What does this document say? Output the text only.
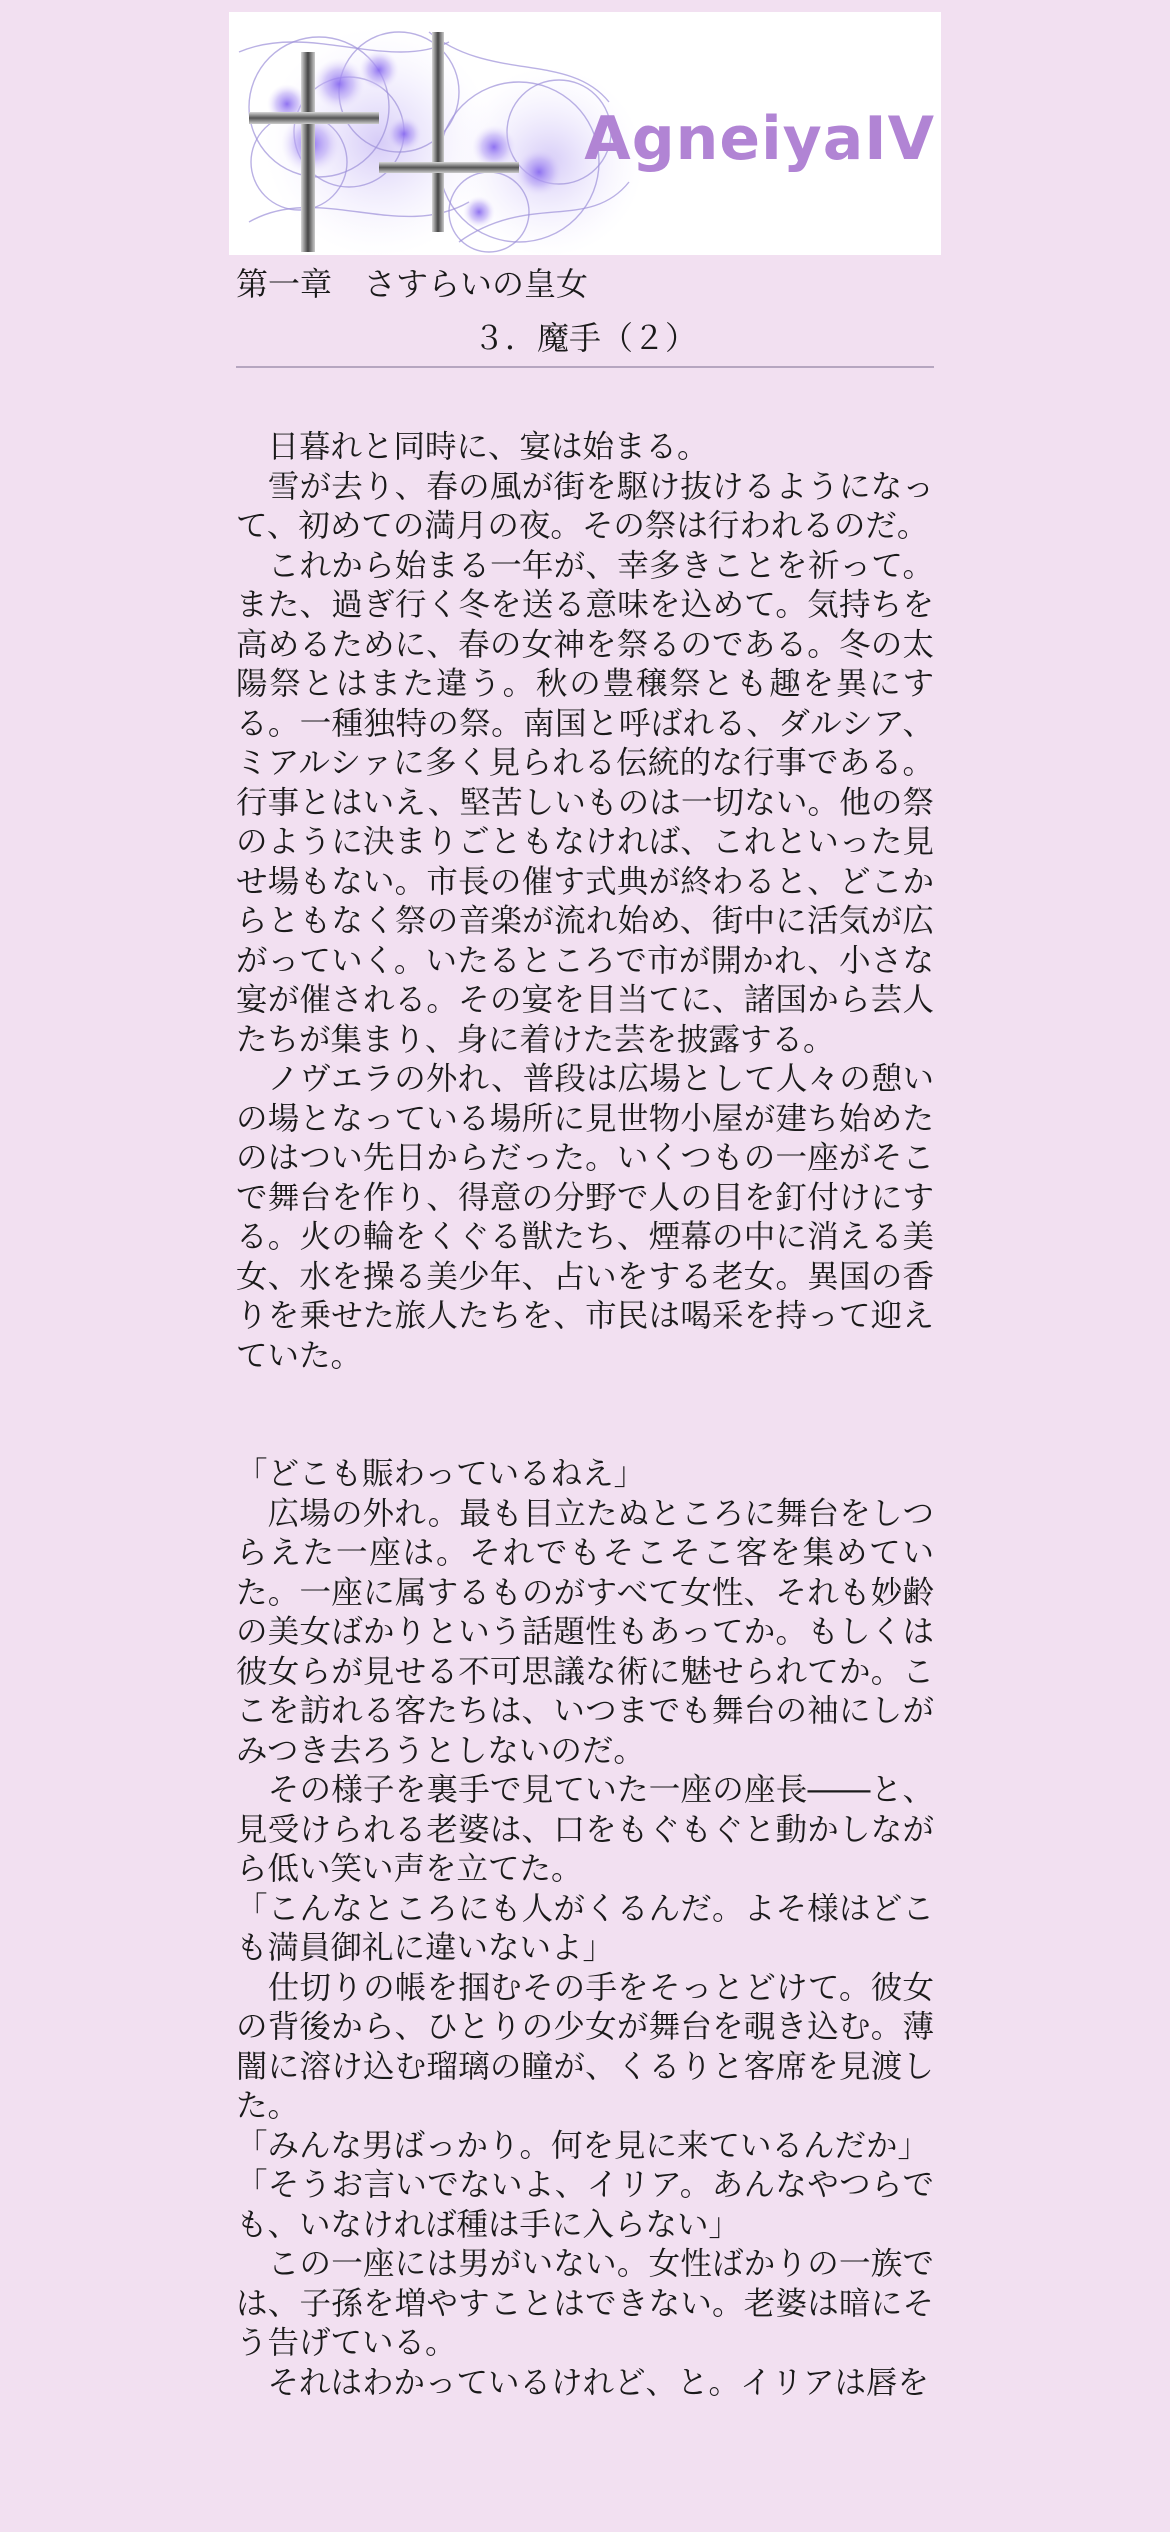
AgneiyaIV
第一章　さすらいの皇女
３．魔手（２）

　日暮れと同時に、宴は始まる。

　雪が去り、春の風が街を駆け抜けるようになって、初めての満月の夜。その祭は行われるのだ。

　これから始まる一年が、幸多きことを祈って。また、過ぎ行く冬を送る意味を込めて。気持ちを高めるために、春の女神を祭るのである。冬の太陽祭とはまた違う。秋の豊穣祭とも趣を異にする。一種独特の祭。南国と呼ばれる、ダルシア、ミアルシァに多く見られる伝統的な行事である。行事とはいえ、堅苦しいものは一切ない。他の祭のように決まりごともなければ、これといった見せ場もない。市長の催す式典が終わると、どこからともなく祭の音楽が流れ始め、街中に活気が広がっていく。いたるところで市が開かれ、小さな宴が催される。その宴を目当てに、諸国から芸人たちが集まり、身に着けた芸を披露する。

　ノヴエラの外れ、普段は広場として人々の憩いの場となっている場所に見世物小屋が建ち始めたのはつい先日からだった。いくつもの一座がそこで舞台を作り、得意の分野で人の目を釘付けにする。火の輪をくぐる獣たち、煙幕の中に消える美女、水を操る美少年、占いをする老女。異国の香りを乗せた旅人たちを、市民は喝采を持って迎えていた。

「どこも賑わっているねえ」

　広場の外れ。最も目立たぬところに舞台をしつらえた一座は。それでもそこそこ客を集めていた。一座に属するものがすべて女性、それも妙齢の美女ばかりという話題性もあってか。もしくは彼女らが見せる不可思議な術に魅せられてか。ここを訪れる客たちは、いつまでも舞台の袖にしがみつき去ろうとしないのだ。

　その様子を裏手で見ていた一座の座長――と、見受けられる老婆は、口をもぐもぐと動かしながら低い笑い声を立てた。

「こんなところにも人がくるんだ。よそ様はどこも満員御礼に違いないよ」

　仕切りの帳を掴むその手をそっとどけて。彼女の背後から、ひとりの少女が舞台を覗き込む。薄闇に溶け込む瑠璃の瞳が、くるりと客席を見渡した。

「みんな男ばっかり。何を見に来ているんだか」

「そうお言いでないよ、イリア。あんなやつらでも、いなければ種は手に入らない」

　この一座には男がいない。女性ばかりの一族では、子孫を増やすことはできない。老婆は暗にそう告げている。

　それはわかっているけれど、と。イリアは唇を
